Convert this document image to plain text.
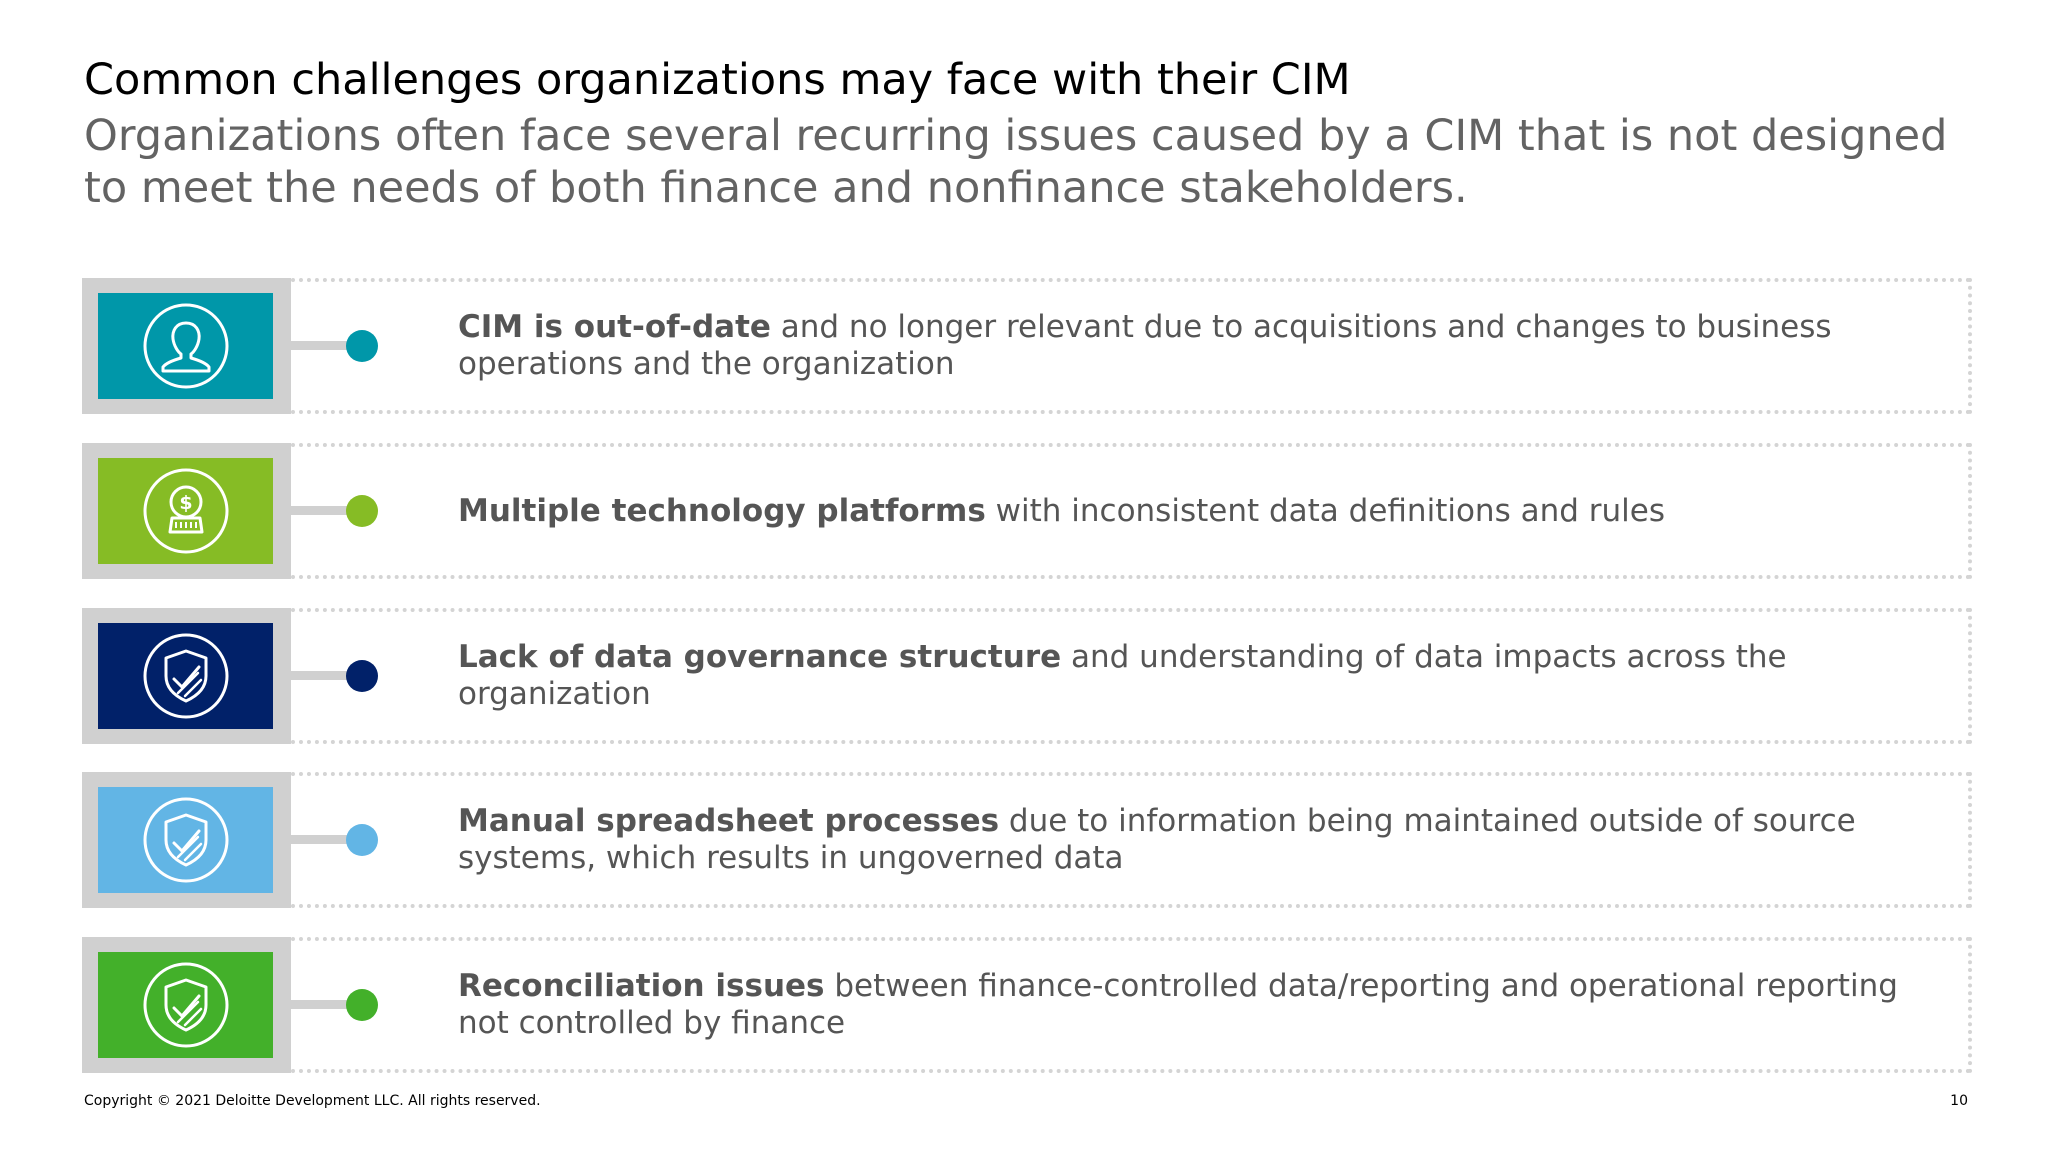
Common challenges organizations may face with their CIM

Organizations often face several recurring issues caused by a CIM that is not designed to meet the needs of both finance and nonfinance stakeholders.

CIM is out-of-date and no longer relevant due to acquisitions and changes to business operations and the organization

$	Multiple technology platforms with inconsistent data definitions and rules

Lack of data governance structure and understanding of data impacts across the organization

Manual spreadsheet processes due to information being maintained outside of source systems, which results in ungoverned data

Reconciliation issues between finance-controlled data/reporting and operational reporting not controlled by finance

Copyright © 2021 Deloitte Development LLC. All rights reserved.	10
